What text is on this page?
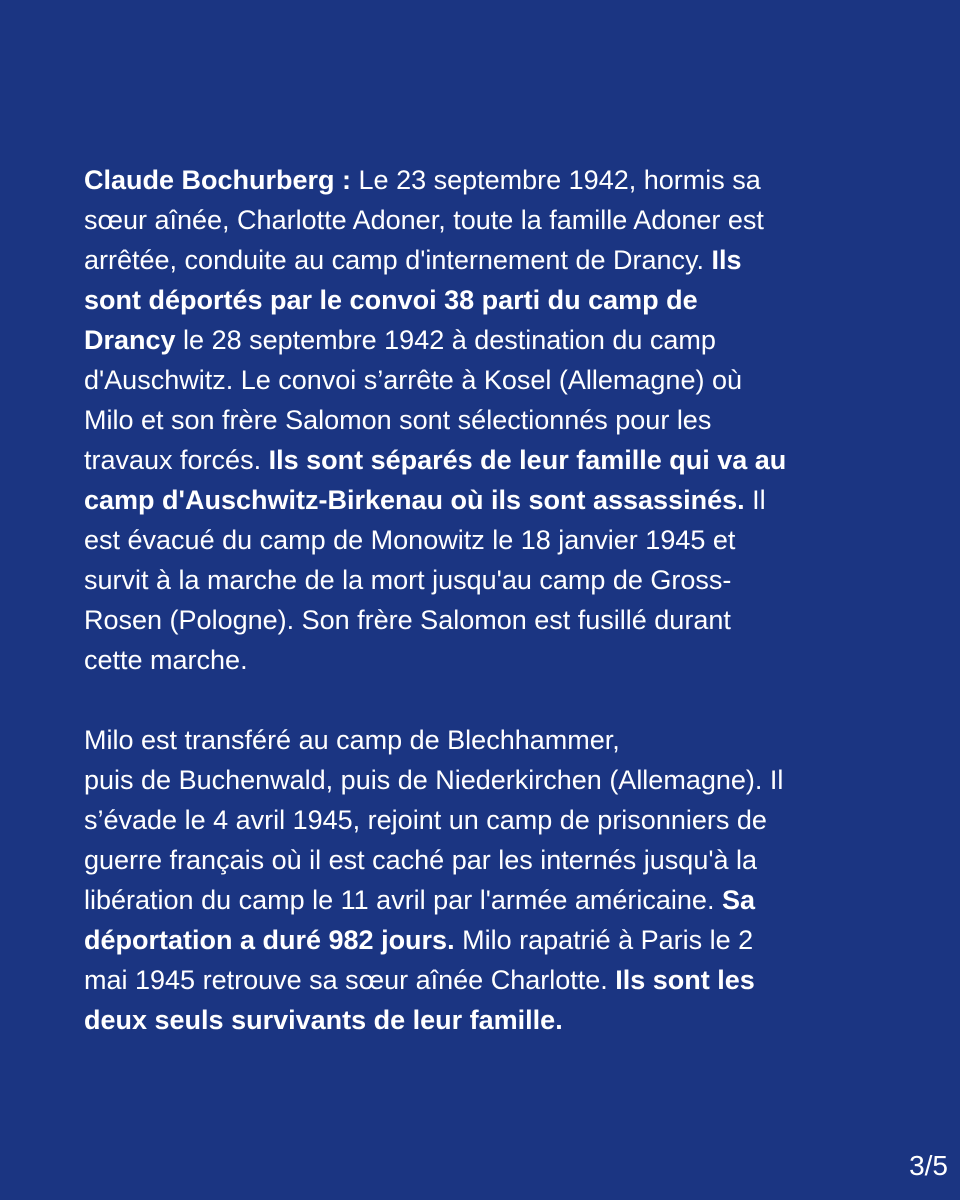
Claude Bochurberg : Le 23 septembre 1942, hormis sa
sœur aînée, Charlotte Adoner, toute la famille Adoner est
arrêtée, conduite au camp d'internement de Drancy. Ils
sont déportés par le convoi 38 parti du camp de
Drancy le 28 septembre 1942 à destination du camp
d'Auschwitz. Le convoi s’arrête à Kosel (Allemagne) où
Milo et son frère Salomon sont sélectionnés pour les
travaux forcés. Ils sont séparés de leur famille qui va au
camp d'Auschwitz-Birkenau où ils sont assassinés. Il
est évacué du camp de Monowitz le 18 janvier 1945 et
survit à la marche de la mort jusqu'au camp de Gross-
Rosen (Pologne). Son frère Salomon est fusillé durant
cette marche.

Milo est transféré au camp de Blechhammer,
puis de Buchenwald, puis de Niederkirchen (Allemagne). Il
s’évade le 4 avril 1945, rejoint un camp de prisonniers de
guerre français où il est caché par les internés jusqu'à la
libération du camp le 11 avril par l'armée américaine. Sa
déportation a duré 982 jours. Milo rapatrié à Paris le 2
mai 1945 retrouve sa sœur aînée Charlotte. Ils sont les
deux seuls survivants de leur famille.

3/5
